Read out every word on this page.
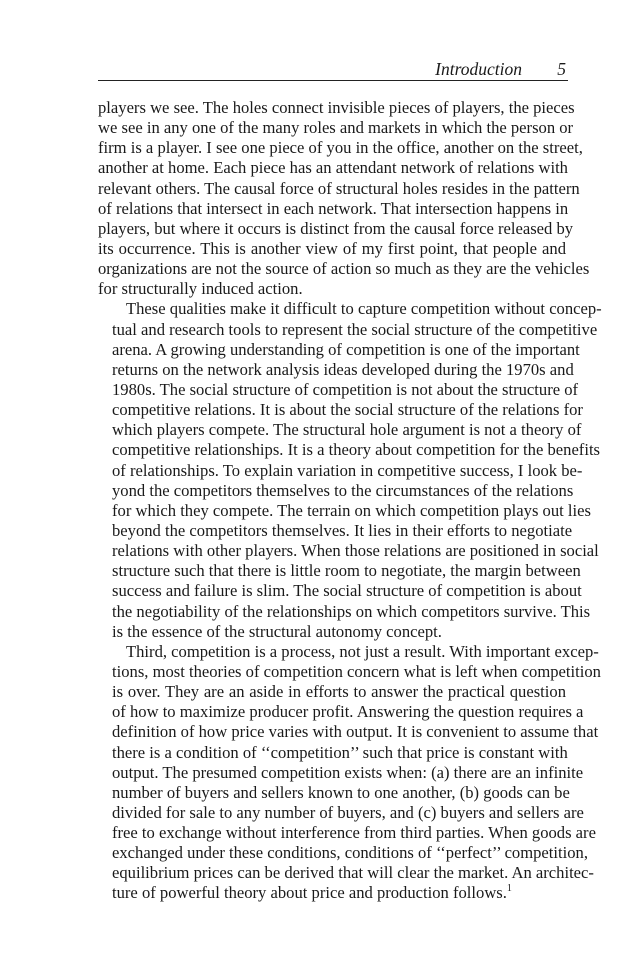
Introduction 5
players we see. The holes connect invisible pieces of players, the pieces
we see in any one of the many roles and markets in which the person or
firm is a player. I see one piece of you in the office, another on the street,
another at home. Each piece has an attendant network of relations with
relevant others. The causal force of structural holes resides in the pattern
of relations that intersect in each network. That intersection happens in
players, but where it occurs is distinct from the causal force released by
its occurrence. This is another view of my first point, that people and
organizations are not the source of action so much as they are the vehicles
for structurally induced action.
These qualities make it difficult to capture competition without concep-
tual and research tools to represent the social structure of the competitive
arena. A growing understanding of competition is one of the important
returns on the network analysis ideas developed during the 1970s and
1980s. The social structure of competition is not about the structure of
competitive relations. It is about the social structure of the relations for
which players compete. The structural hole argument is not a theory of
competitive relationships. It is a theory about competition for the benefits
of relationships. To explain variation in competitive success, I look be-
yond the competitors themselves to the circumstances of the relations
for which they compete. The terrain on which competition plays out lies
beyond the competitors themselves. It lies in their efforts to negotiate
relations with other players. When those relations are positioned in social
structure such that there is little room to negotiate, the margin between
success and failure is slim. The social structure of competition is about
the negotiability of the relationships on which competitors survive. This
is the essence of the structural autonomy concept.
Third, competition is a process, not just a result. With important excep-
tions, most theories of competition concern what is left when competition
is over. They are an aside in efforts to answer the practical question
of how to maximize producer profit. Answering the question requires a
definition of how price varies with output. It is convenient to assume that
there is a condition of ‘‘competition’’ such that price is constant with
output. The presumed competition exists when: (a) there are an infinite
number of buyers and sellers known to one another, (b) goods can be
divided for sale to any number of buyers, and (c) buyers and sellers are
free to exchange without interference from third parties. When goods are
exchanged under these conditions, conditions of ‘‘perfect’’ competition,
equilibrium prices can be derived that will clear the market. An architec-
ture of powerful theory about price and production follows.$^1$
